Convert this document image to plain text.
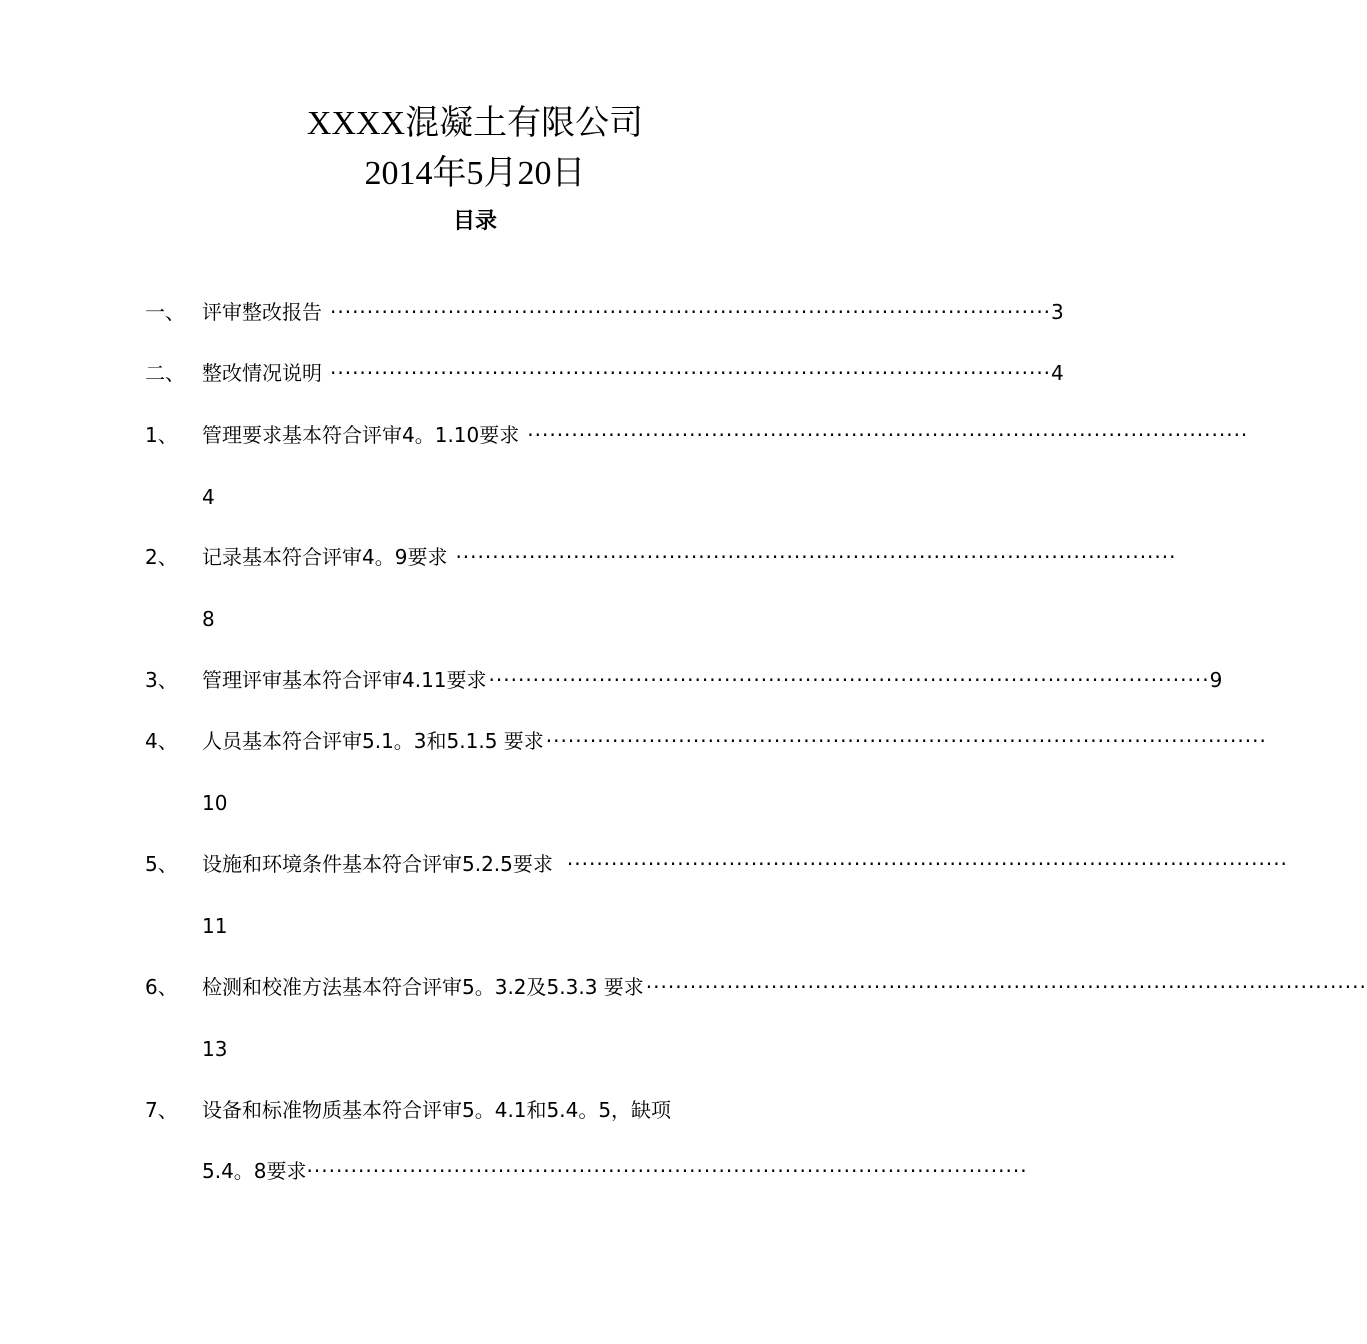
XXXX混凝土有限公司
2014年5月20日
目录
一、 评审整改报告 ·································································································· 3
二、 整改情况说明 ·································································································· 4
1、 管理要求基本符合评审4。1.10要求 ··································································································
4
2、 记录基本符合评审4。9要求 ··································································································
8
3、 管理评审基本符合评审4.11要求 ·································································································· 9
4、 人员基本符合评审5.1。3和5.1.5 要求 ··································································································
10
5、 设施和环境条件基本符合评审5.2.5要求 ··································································································
11
6、 检测和校准方法基本符合评审5。3.2及5.3.3 要求 ··································································································
13
7、 设备和标准物质基本符合评审5。4.1和5.4。5，缺项
5.4。8要求 ··································································································
